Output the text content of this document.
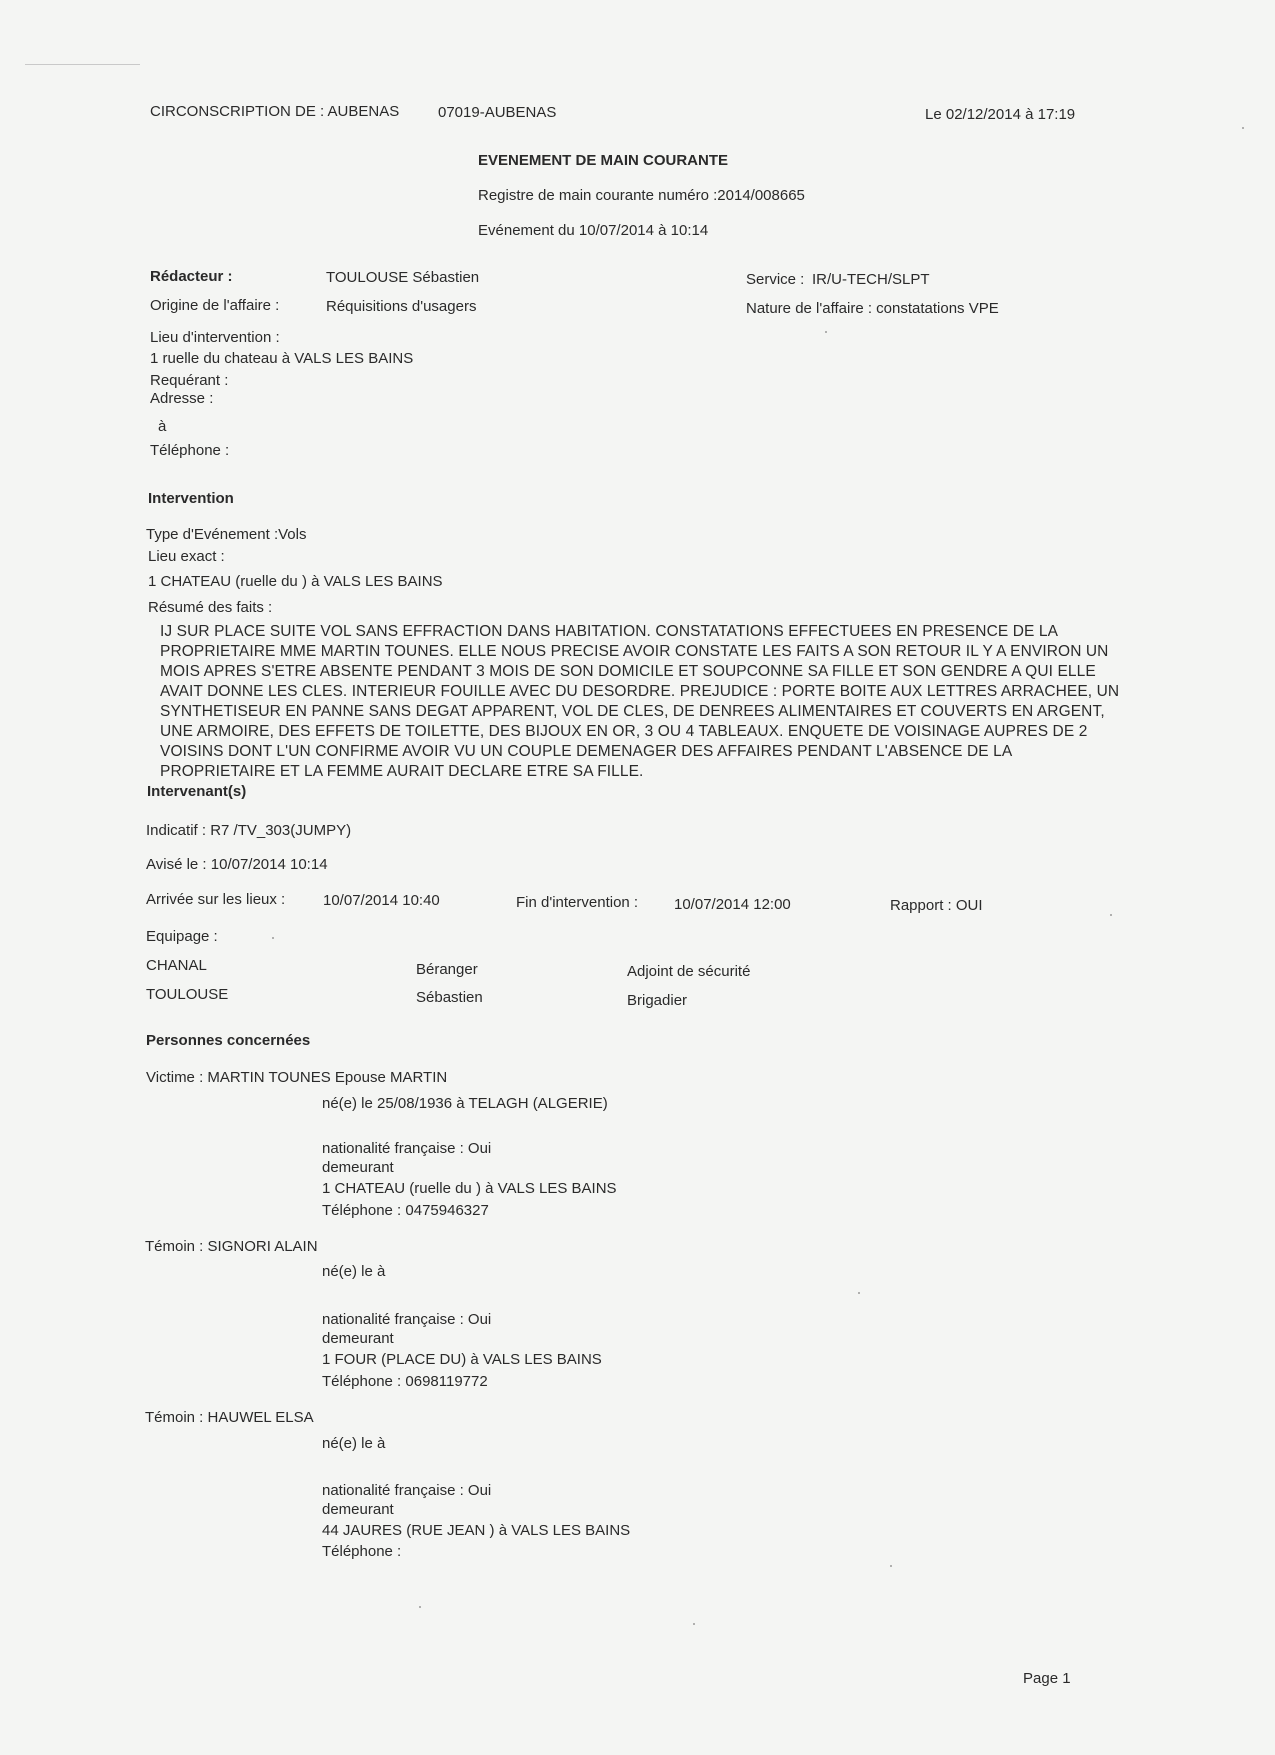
CIRCONSCRIPTION DE : AUBENAS	07019-AUBENAS	Le 02/12/2014 à 17:19
EVENEMENT DE MAIN COURANTE
Registre de main courante numéro :2014/008665
Evénement du 10/07/2014 à 10:14
Rédacteur :	TOULOUSE Sébastien	Service : IR/U-TECH/SLPT
Origine de l'affaire :	Réquisitions d'usagers	Nature de l'affaire : constatations VPE
Lieu d'intervention :
1 ruelle du chateau à VALS LES BAINS
Requérant :
Adresse :
à
Téléphone :
Intervention
Type d'Evénement :Vols
Lieu exact :
1 CHATEAU (ruelle du ) à VALS LES BAINS
Résumé des faits :
IJ SUR PLACE SUITE VOL SANS EFFRACTION DANS HABITATION. CONSTATATIONS EFFECTUEES EN PRESENCE DE LA PROPRIETAIRE MME MARTIN TOUNES. ELLE NOUS PRECISE AVOIR CONSTATE LES FAITS A SON RETOUR IL Y A ENVIRON UN MOIS APRES S'ETRE ABSENTE PENDANT 3 MOIS DE SON DOMICILE ET SOUPCONNE SA FILLE ET SON GENDRE A QUI ELLE AVAIT DONNE LES CLES. INTERIEUR FOUILLE AVEC DU DESORDRE. PREJUDICE : PORTE BOITE AUX LETTRES ARRACHEE, UN SYNTHETISEUR EN PANNE SANS DEGAT APPARENT, VOL DE CLES, DE DENREES ALIMENTAIRES ET COUVERTS EN ARGENT, UNE ARMOIRE, DES EFFETS DE TOILETTE, DES BIJOUX EN OR, 3 OU 4 TABLEAUX. ENQUETE DE VOISINAGE AUPRES DE 2 VOISINS DONT L'UN CONFIRME AVOIR VU UN COUPLE DEMENAGER DES AFFAIRES PENDANT L'ABSENCE DE LA PROPRIETAIRE ET LA FEMME AURAIT DECLARE ETRE SA FILLE.
Intervenant(s)
Indicatif : R7 /TV_303(JUMPY)
Avisé le : 10/07/2014 10:14
Arrivée sur les lieux :	10/07/2014 10:40	Fin d'intervention : 10/07/2014 12:00	Rapport : OUI
Equipage :
CHANAL	Béranger	Adjoint de sécurité
TOULOUSE	Sébastien	Brigadier
Personnes concernées
Victime : MARTIN TOUNES Epouse MARTIN
né(e) le 25/08/1936 à TELAGH (ALGERIE)
nationalité française : Oui
demeurant
1 CHATEAU (ruelle du ) à VALS LES BAINS
Téléphone : 0475946327
Témoin : SIGNORI ALAIN
né(e) le à
nationalité française : Oui
demeurant
1 FOUR (PLACE DU) à VALS LES BAINS
Téléphone : 0698119772
Témoin : HAUWEL ELSA
né(e) le à
nationalité française : Oui
demeurant
44 JAURES (RUE JEAN ) à VALS LES BAINS
Téléphone :
Page 1
